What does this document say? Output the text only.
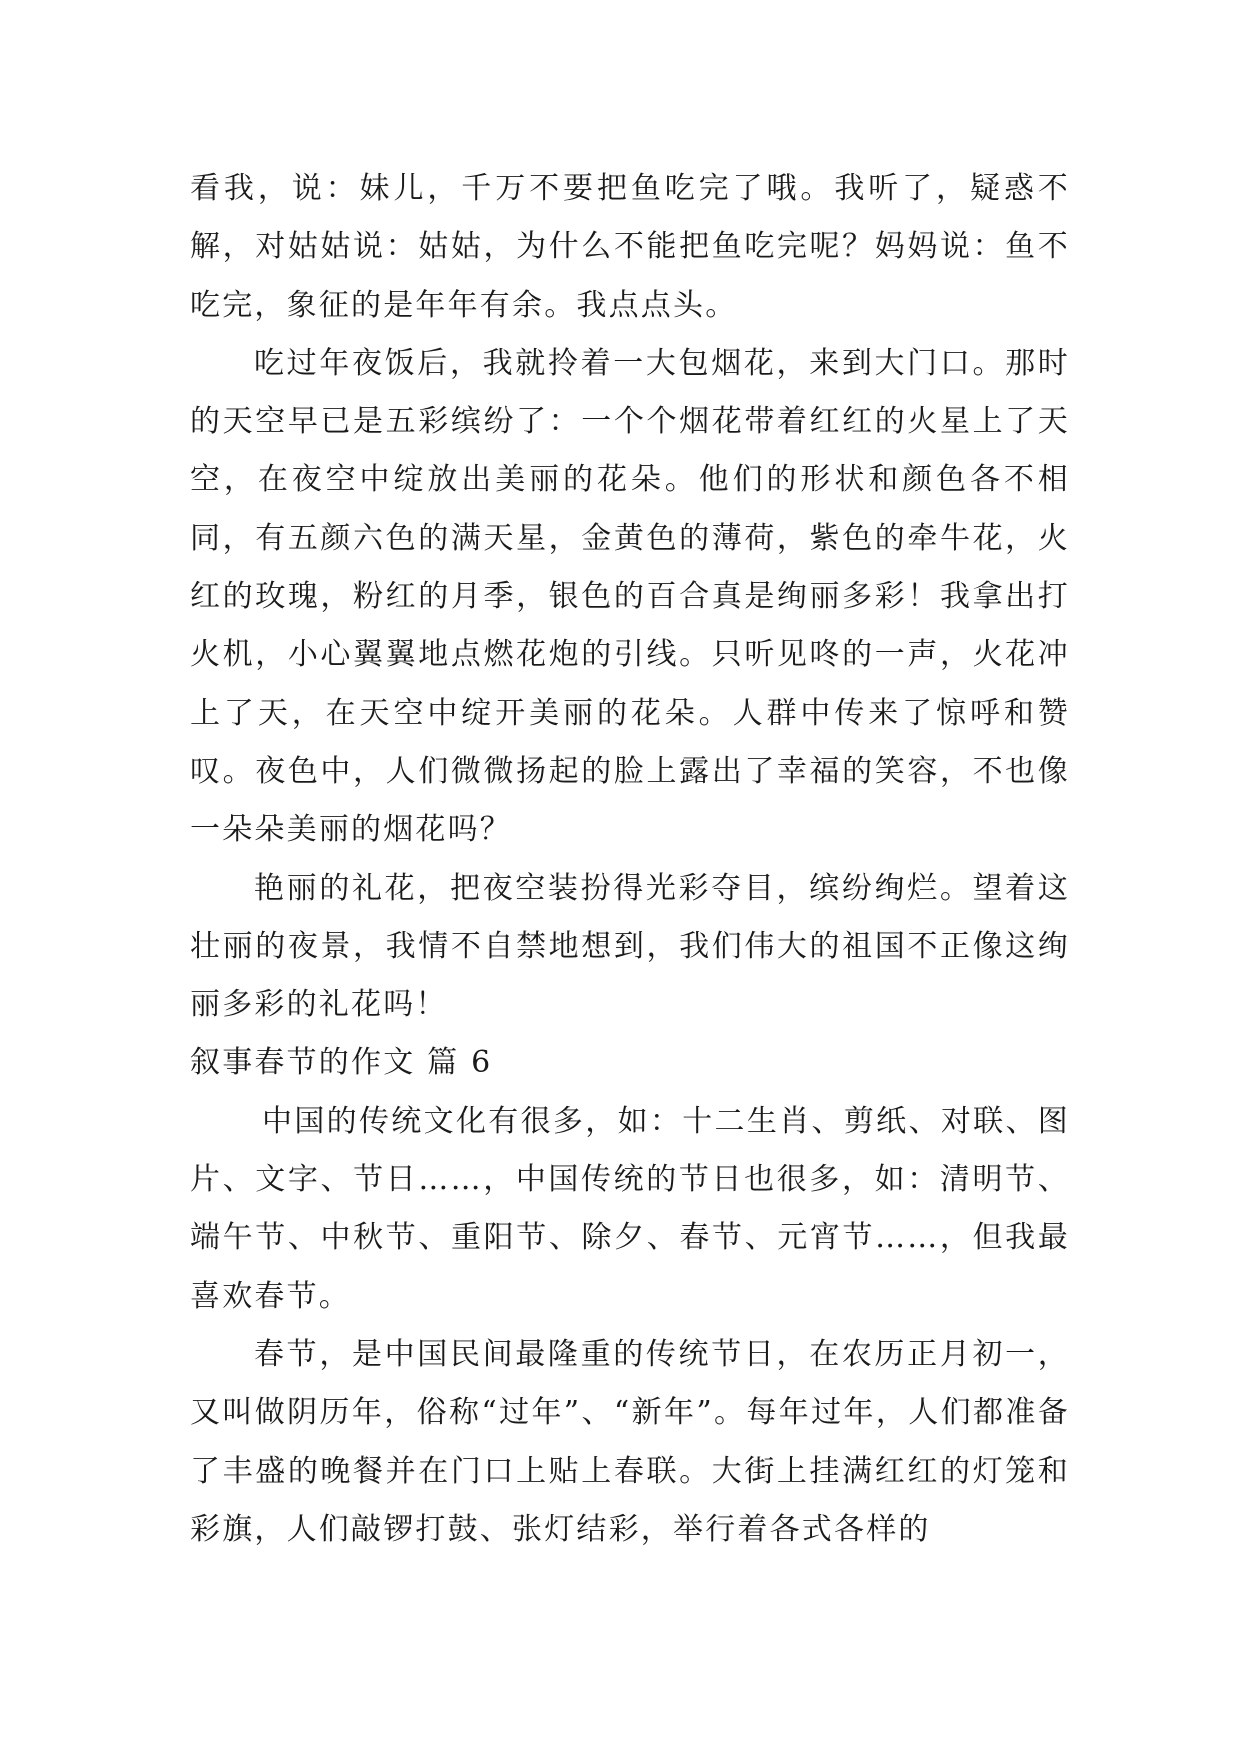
看我，说：妹儿，千万不要把鱼吃完了哦。我听了，疑惑不解，对姑姑说：姑姑，为什么不能把鱼吃完呢？妈妈说：鱼不吃完，象征的是年年有余。我点点头。

吃过年夜饭后，我就拎着一大包烟花，来到大门口。那时的天空早已是五彩缤纷了：一个个烟花带着红红的火星上了天空，在夜空中绽放出美丽的花朵。他们的形状和颜色各不相同，有五颜六色的满天星，金黄色的薄荷，紫色的牵牛花，火红的玫瑰，粉红的月季，银色的百合真是绚丽多彩！我拿出打火机，小心翼翼地点燃花炮的引线。只听见咚的一声，火花冲上了天，在天空中绽开美丽的花朵。人群中传来了惊呼和赞叹。夜色中，人们微微扬起的脸上露出了幸福的笑容，不也像一朵朵美丽的烟花吗？

艳丽的礼花，把夜空装扮得光彩夺目，缤纷绚烂。望着这壮丽的夜景，我情不自禁地想到，我们伟大的祖国不正像这绚丽多彩的礼花吗！

叙事春节的作文 篇 6

中国的传统文化有很多，如：十二生肖、剪纸、对联、图片、文字、节日……，中国传统的节日也很多，如：清明节、端午节、中秋节、重阳节、除夕、春节、元宵节……，但我最喜欢春节。

春节，是中国民间最隆重的传统节日，在农历正月初一，又叫做阴历年，俗称“过年”、“新年”。每年过年，人们都准备了丰盛的晚餐并在门口上贴上春联。大街上挂满红红的灯笼和彩旗，人们敲锣打鼓、张灯结彩，举行着各式各样的
